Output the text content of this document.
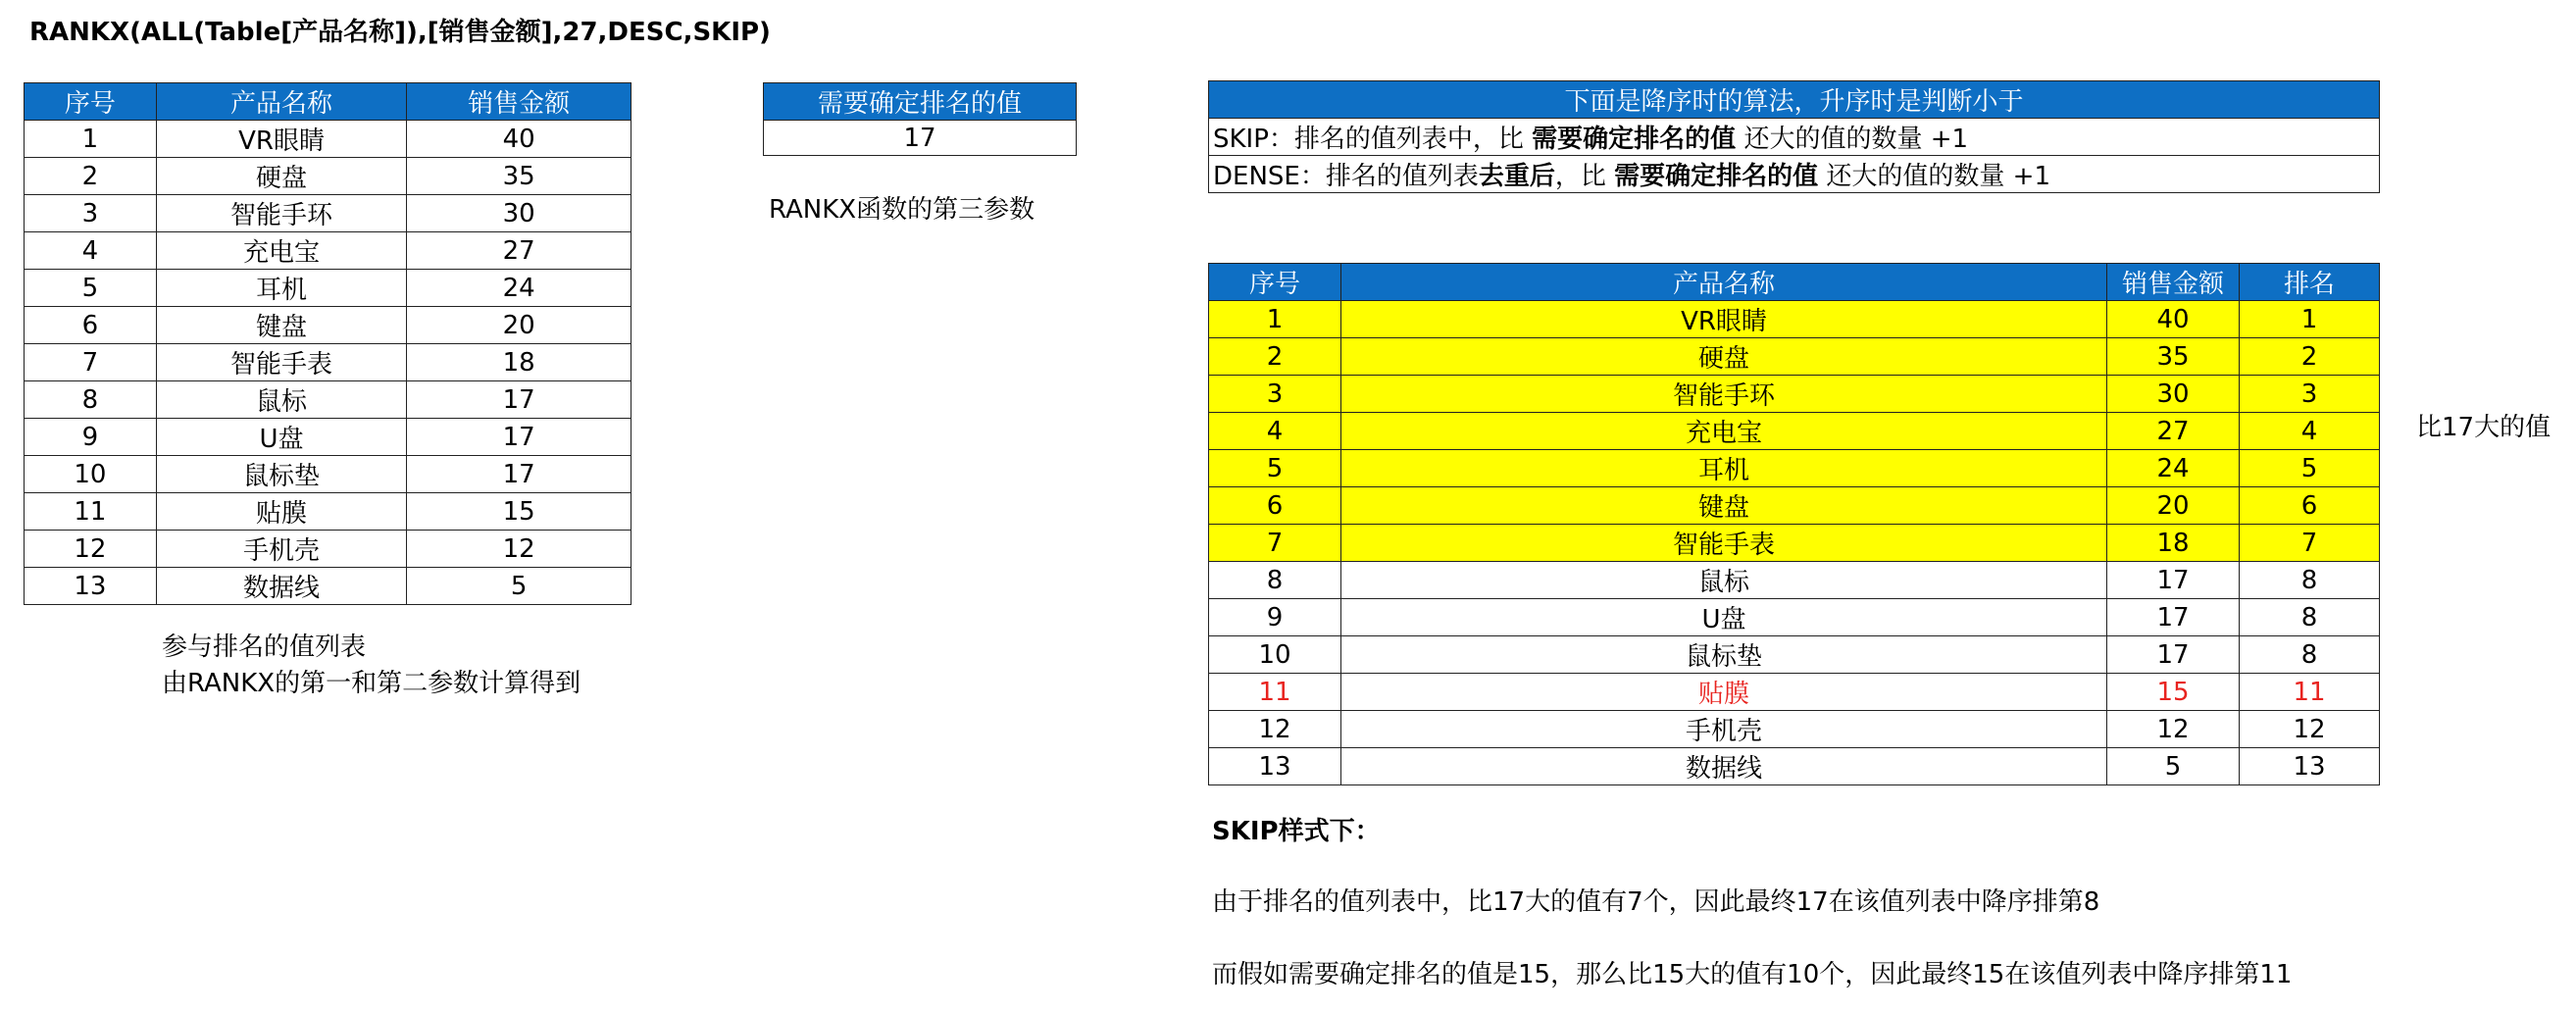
RANKX(ALL(Table[产品名称]),[销售金额],27,DESC,SKIP)
序号	产品名称	销售金额
1	VR眼睛	40
2	硬盘	35
3	智能手环	30
4	充电宝	27
5	耳机	24
6	键盘	20
7	智能手表	18
8	鼠标	17
9	U盘	17
10	鼠标垫	17
11	贴膜	15
12	手机壳	12
13	数据线	5
参与排名的值列表
由RANKX的第一和第二参数计算得到
需要确定排名的值
17
RANKX函数的第三参数
下面是降序时的算法，升序时是判断小于
SKIP：排名的值列表中，比 需要确定排名的值 还大的值的数量 +1
DENSE：排名的值列表去重后，比 需要确定排名的值 还大的值的数量 +1
序号	产品名称	销售金额	排名
1	VR眼睛	40	1
2	硬盘	35	2
3	智能手环	30	3
4	充电宝	27	4
5	耳机	24	5
6	键盘	20	6
7	智能手表	18	7
8	鼠标	17	8
9	U盘	17	8
10	鼠标垫	17	8
11	贴膜	15	11
12	手机壳	12	12
13	数据线	5	13
比17大的值
SKIP样式下：
由于排名的值列表中，比17大的值有7个，因此最终17在该值列表中降序排第8
而假如需要确定排名的值是15，那么比15大的值有10个，因此最终15在该值列表中降序排第11
